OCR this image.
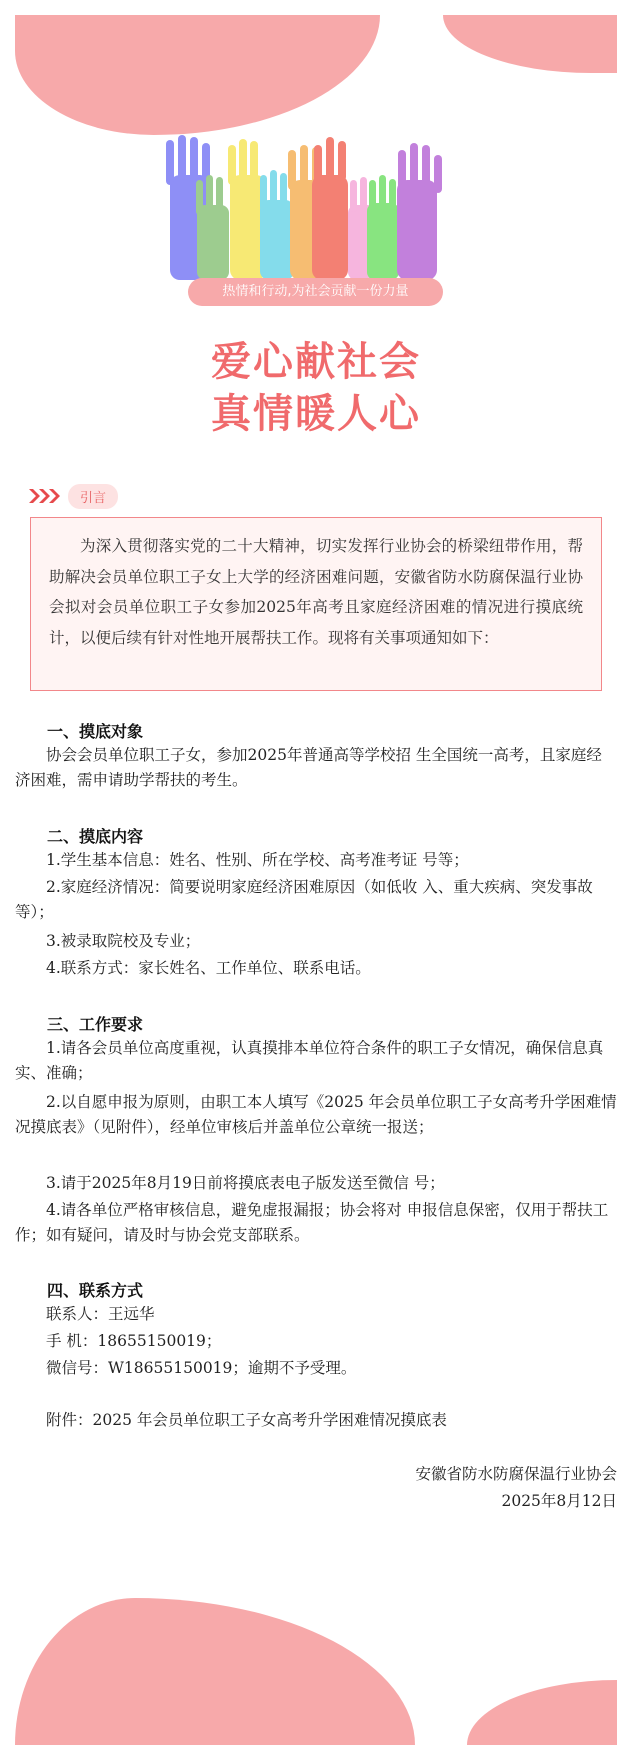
热情和行动,为社会贡献一份力量
爱心献社会
真情暖人心
引言

为深入贯彻落实党的二十大精神，切实发挥行业协会的桥梁纽带作用，帮助解决会员单位职工子女上大学的经济困难问题，安徽省防水防腐保温行业协会拟对会员单位职工子女参加2025年高考且家庭经济困难的情况进行摸底统计，以便后续有针对性地开展帮扶工作。现将有关事项通知如下：

一、摸底对象

协会会员单位职工子女，参加2025年普通高等学校招 生全国统一高考，且家庭经济困难，需申请助学帮扶的考生。

二、摸底内容

1.学生基本信息：姓名、性别、所在学校、高考准考证 号等；

2.家庭经济情况：简要说明家庭经济困难原因（如低收 入、重大疾病、突发事故等）；

3.被录取院校及专业；

4.联系方式：家长姓名、工作单位、联系电话。

三、工作要求

1.请各会员单位高度重视，认真摸排本单位符合条件的职工子女情况，确保信息真实、准确；

2.以自愿申报为原则，由职工本人填写《2025 年会员单位职工子女高考升学困难情况摸底表》（见附件），经单位审核后并盖单位公章统一报送；

3.请于2025年8月19日前将摸底表电子版发送至微信 号；

4.请各单位严格审核信息，避免虚报漏报；协会将对 申报信息保密，仅用于帮扶工作；如有疑问，请及时与协会党支部联系。

四、联系方式

联系人：王远华

手 机：18655150019；

微信号：W18655150019；逾期不予受理。

附件：2025 年会员单位职工子女高考升学困难情况摸底表

安徽省防水防腐保温行业协会
2025年8月12日
